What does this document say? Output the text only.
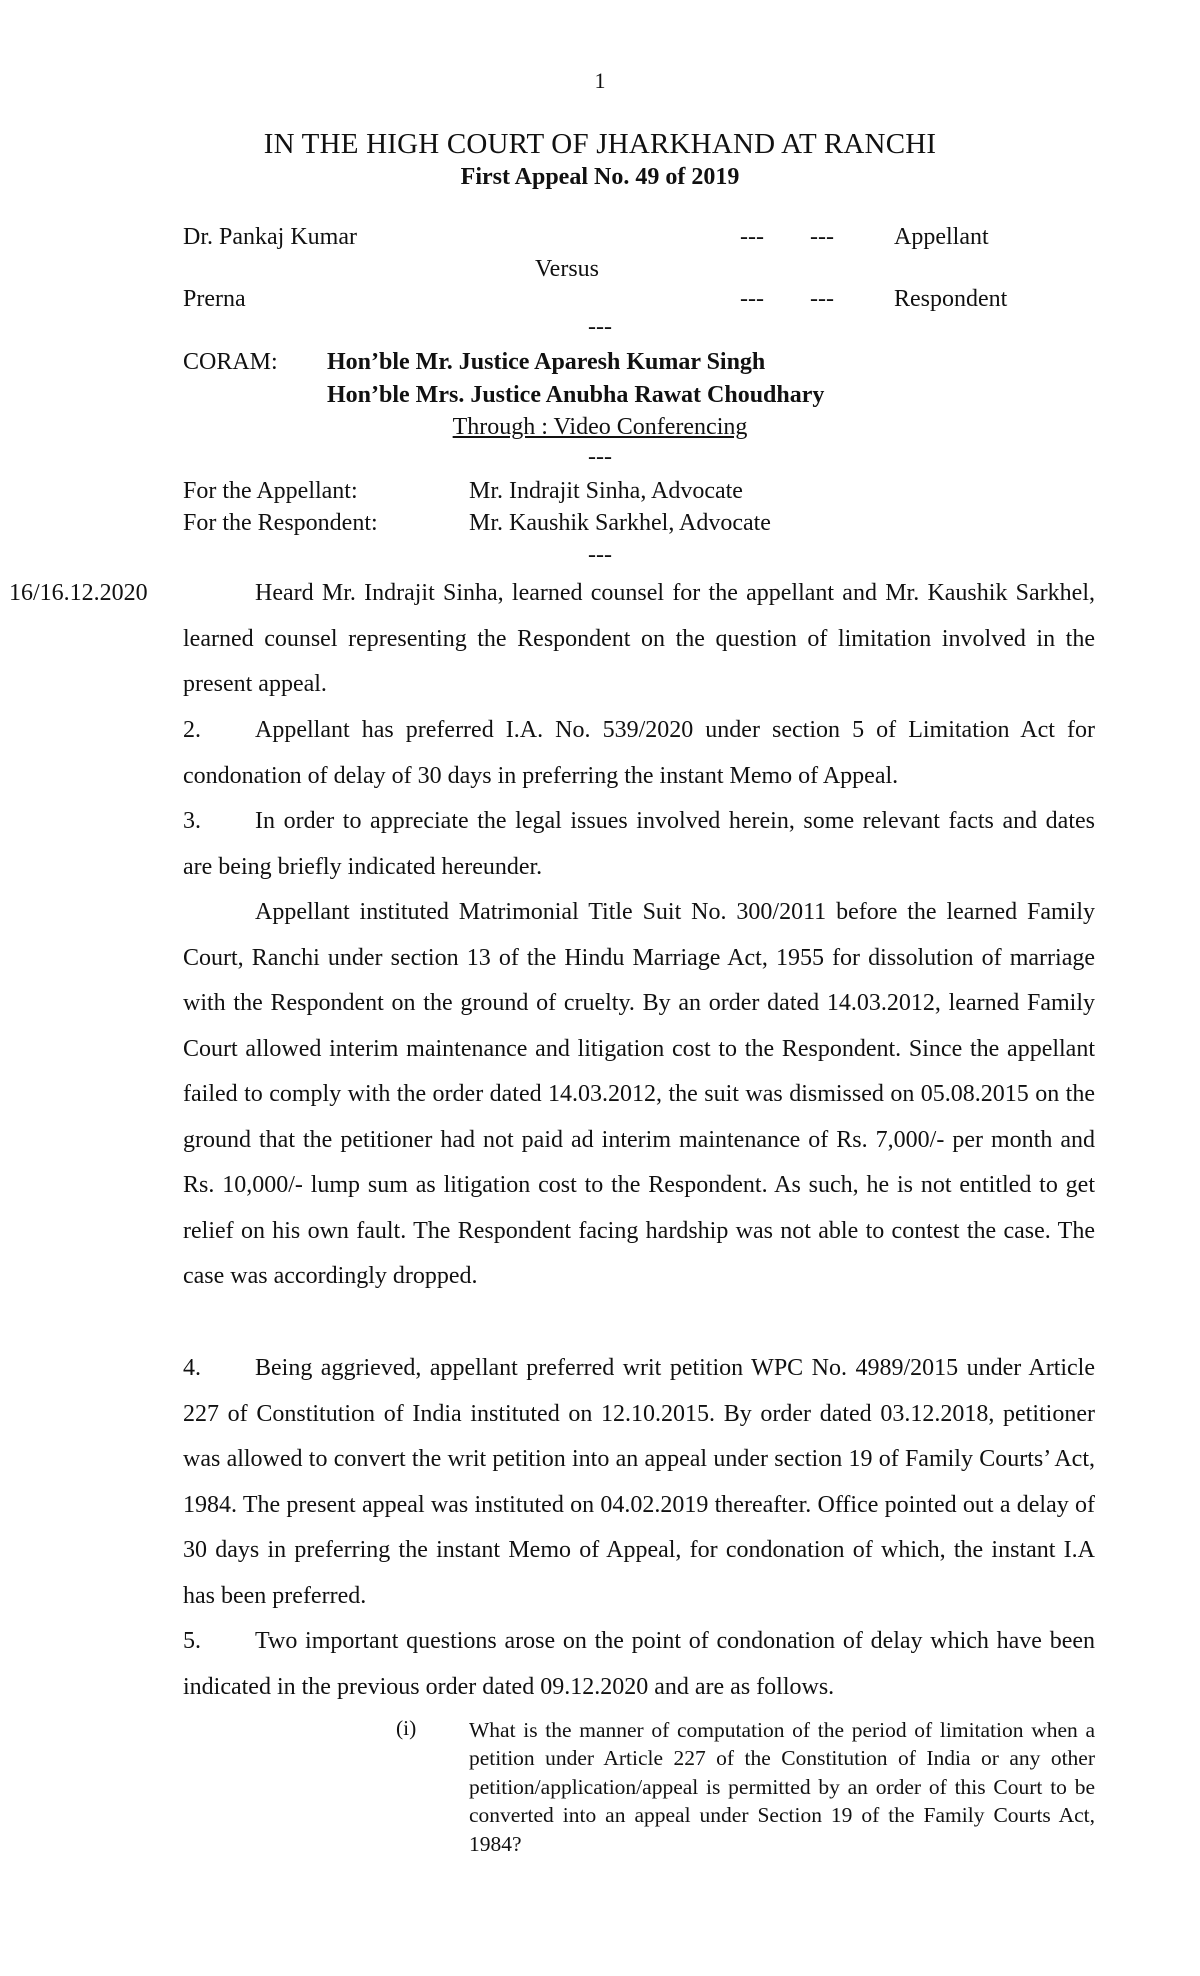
1
IN THE HIGH COURT OF JHARKHAND AT RANCHI
First Appeal No. 49 of 2019
Dr. Pankaj Kumar	--- ---	Appellant
Versus
Prerna	--- ---	Respondent
---
CORAM: Hon’ble Mr. Justice Aparesh Kumar Singh
Hon’ble Mrs. Justice Anubha Rawat Choudhary
Through : Video Conferencing
---
For the Appellant:	Mr. Indrajit Sinha, Advocate
For the Respondent:	Mr. Kaushik Sarkhel, Advocate
---

16/16.12.2020	Heard Mr. Indrajit Sinha, learned counsel for the appellant and Mr. Kaushik Sarkhel, learned counsel representing the Respondent on the question of limitation involved in the present appeal.

2. Appellant has preferred I.A. No. 539/2020 under section 5 of Limitation Act for condonation of delay of 30 days in preferring the instant Memo of Appeal.

3. In order to appreciate the legal issues involved herein, some relevant facts and dates are being briefly indicated hereunder.

Appellant instituted Matrimonial Title Suit No. 300/2011 before the learned Family Court, Ranchi under section 13 of the Hindu Marriage Act, 1955 for dissolution of marriage with the Respondent on the ground of cruelty. By an order dated 14.03.2012, learned Family Court allowed interim maintenance and litigation cost to the Respondent. Since the appellant failed to comply with the order dated 14.03.2012, the suit was dismissed on 05.08.2015 on the ground that the petitioner had not paid ad interim maintenance of Rs. 7,000/- per month and Rs. 10,000/- lump sum as litigation cost to the Respondent. As such, he is not entitled to get relief on his own fault. The Respondent facing hardship was not able to contest the case. The case was accordingly dropped.

4. Being aggrieved, appellant preferred writ petition WPC No. 4989/2015 under Article 227 of Constitution of India instituted on 12.10.2015. By order dated 03.12.2018, petitioner was allowed to convert the writ petition into an appeal under section 19 of Family Courts’ Act, 1984. The present appeal was instituted on 04.02.2019 thereafter. Office pointed out a delay of 30 days in preferring the instant Memo of Appeal, for condonation of which, the instant I.A has been preferred.

5. Two important questions arose on the point of condonation of delay which have been indicated in the previous order dated 09.12.2020 and are as follows.

(i) What is the manner of computation of the period of limitation when a petition under Article 227 of the Constitution of India or any other petition/application/appeal is permitted by an order of this Court to be converted into an appeal under Section 19 of the Family Courts Act, 1984?
